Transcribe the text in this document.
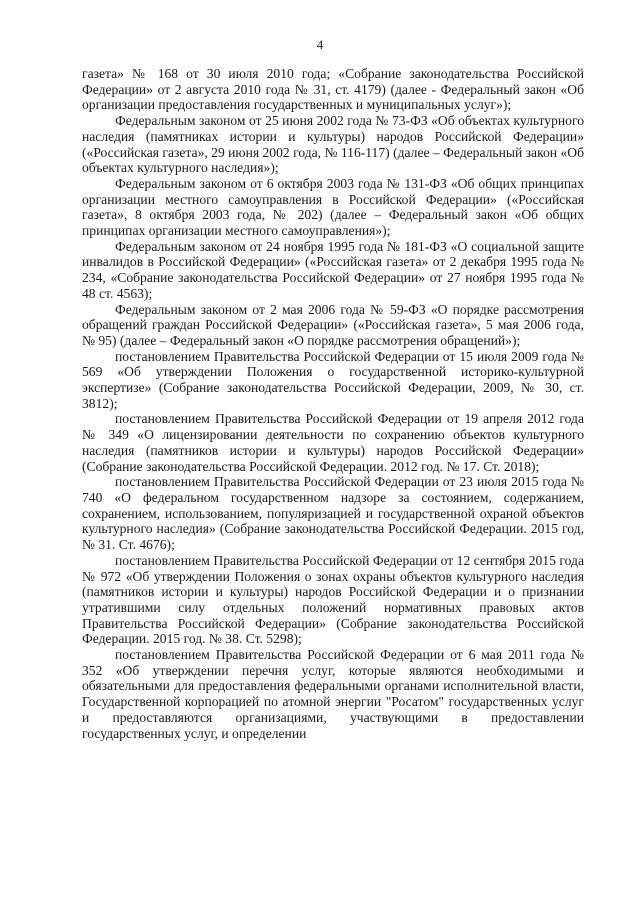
4

газета» № 168 от 30 июля 2010 года; «Собрание законодательства Российской Федерации» от 2 августа 2010 года № 31, ст. 4179) (далее - Федеральный закон «Об организации предоставления государственных и муниципальных услуг»);

Федеральным законом от 25 июня 2002 года № 73-ФЗ «Об объектах культурного наследия (памятниках истории и культуры) народов Российской Федерации» («Российская газета», 29 июня 2002 года, № 116-117) (далее – Федеральный закон «Об объектах культурного наследия»);

Федеральным законом от 6 октября 2003 года № 131-ФЗ «Об общих принципах организации местного самоуправления в Российской Федерации» («Российская газета», 8 октября 2003 года, № 202) (далее – Федеральный закон «Об общих принципах организации местного самоуправления»);

Федеральным законом от 24 ноября 1995 года № 181-ФЗ «О социальной защите инвалидов в Российской Федерации» («Российская газета» от 2 декабря 1995 года № 234, «Собрание законодательства Российской Федерации» от 27 ноября 1995 года № 48 ст. 4563);

Федеральным законом от 2 мая 2006 года № 59-ФЗ «О порядке рассмотрения обращений граждан Российской Федерации» («Российская газета», 5 мая 2006 года, № 95) (далее – Федеральный закон «О порядке рассмотрения обращений»);

постановлением Правительства Российской Федерации от 15 июля 2009 года № 569 «Об утверждении Положения о государственной историко-культурной экспертизе» (Собрание законодательства Российской Федерации, 2009, № 30, ст. 3812);

постановлением Правительства Российской Федерации от 19 апреля 2012 года № 349 «О лицензировании деятельности по сохранению объектов культурного наследия (памятников истории и культуры) народов Российской Федерации» (Собрание законодательства Российской Федерации. 2012 год. № 17. Ст. 2018);

постановлением Правительства Российской Федерации от 23 июля 2015 года № 740 «О федеральном государственном надзоре за состоянием, содержанием, сохранением, использованием, популяризацией и государственной охраной объектов культурного наследия» (Собрание законодательства Российской Федерации. 2015 год, № 31. Ст. 4676);

постановлением Правительства Российской Федерации от 12 сентября 2015 года № 972 «Об утверждении Положения о зонах охраны объектов культурного наследия (памятников истории и культуры) народов Российской Федерации и о признании утратившими силу отдельных положений нормативных правовых актов Правительства Российской Федерации» (Собрание законодательства Российской Федерации. 2015 год. № 38. Ст. 5298);

постановлением Правительства Российской Федерации от 6 мая 2011 года № 352 «Об утверждении перечня услуг, которые являются необходимыми и обязательными для предоставления федеральными органами исполнительной власти, Государственной корпорацией по атомной энергии "Росатом" государственных услуг и предоставляются организациями, участвующими в предоставлении государственных услуг, и определении
